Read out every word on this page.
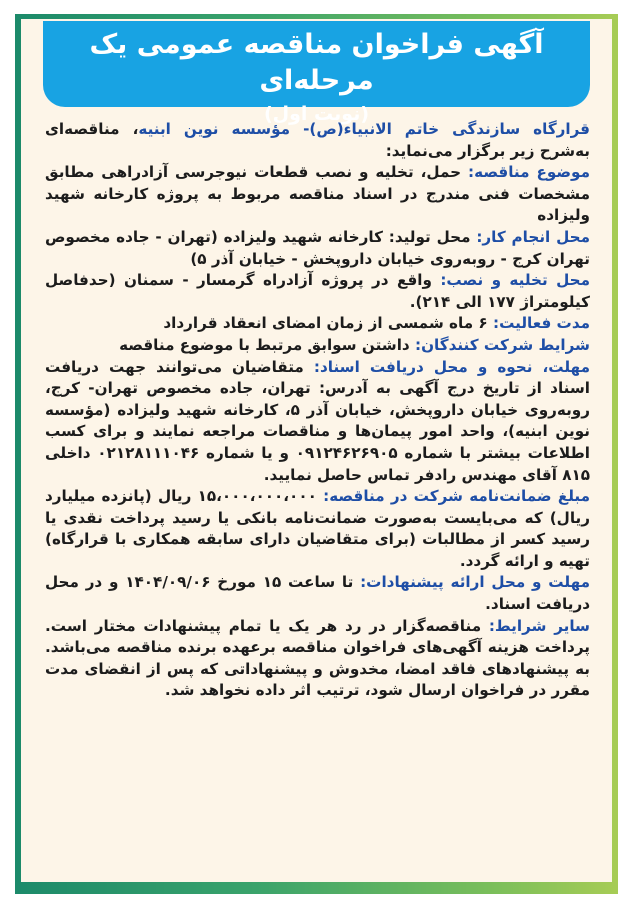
آگهی فراخوان مناقصه عمومی یک مرحله‌ای
(نوبت اول)

قرارگاه سازندگی خاتم الانبیاء(ص)- مؤسسه نوین ابنیه، مناقصه‌ای به‌شرح زیر برگزار می‌نماید:

موضوع مناقصه: حمل، تخلیه و نصب قطعات نیوجرسی آزادراهی مطابق مشخصات فنی مندرج در اسناد مناقصه مربوط به پروژه کارخانه شهید ولیزاده

محل انجام کار: محل تولید: کارخانه شهید ولیزاده (تهران - جاده مخصوص تهران کرج - روبه‌روی خیابان داروپخش - خیابان آذر ۵)

محل تخلیه و نصب: واقع در پروژه آزادراه گرمسار - سمنان (حدفاصل کیلومتراژ ۱۷۷ الی ۲۱۴).

مدت فعالیت: ۶ ماه شمسی از زمان امضای انعقاد قرارداد

شرایط شرکت کنندگان: داشتن سوابق مرتبط با موضوع مناقصه

مهلت، نحوه و محل دریافت اسناد: متقاضیان می‌توانند جهت دریافت اسناد از تاریخ درج آگهی به آدرس: تهران، جاده مخصوص تهران- کرج، روبه‌روی خیابان داروپخش، خیابان آذر ۵، کارخانه شهید ولیزاده (مؤسسه نوین ابنیه)، واحد امور پیمان‌ها و مناقصات مراجعه نمایند و برای کسب اطلاعات بیشتر با شماره ۰۹۱۲۴۶۲۶۹۰۵ و یا شماره ۰۲۱۲۸۱۱۱۰۴۶ داخلی ۸۱۵ آقای مهندس رادفر تماس حاصل نمایید.

مبلغ ضمانت‌نامه شرکت در مناقصه: ۱۵،۰۰۰،۰۰۰،۰۰۰ ریال (پانزده میلیارد ریال) که می‌بایست به‌صورت ضمانت‌نامه بانکی یا رسید پرداخت نقدی یا رسید کسر از مطالبات (برای متقاضیان دارای سابقه همکاری با قرارگاه) تهیه و ارائه گردد.

مهلت و محل ارائه پیشنهادات: تا ساعت ۱۵ مورخ ۱۴۰۴/۰۹/۰۶ و در محل دریافت اسناد.

سایر شرایط: مناقصه‌گزار در رد هر یک یا تمام پیشنهادات مختار است. پرداخت هزینه آگهی‌های فراخوان مناقصه برعهده برنده مناقصه می‌باشد. به پیشنهادهای فاقد امضا، مخدوش و پیشنهاداتی که پس از انقضای مدت مقرر در فراخوان ارسال شود، ترتیب اثر داده نخواهد شد.
